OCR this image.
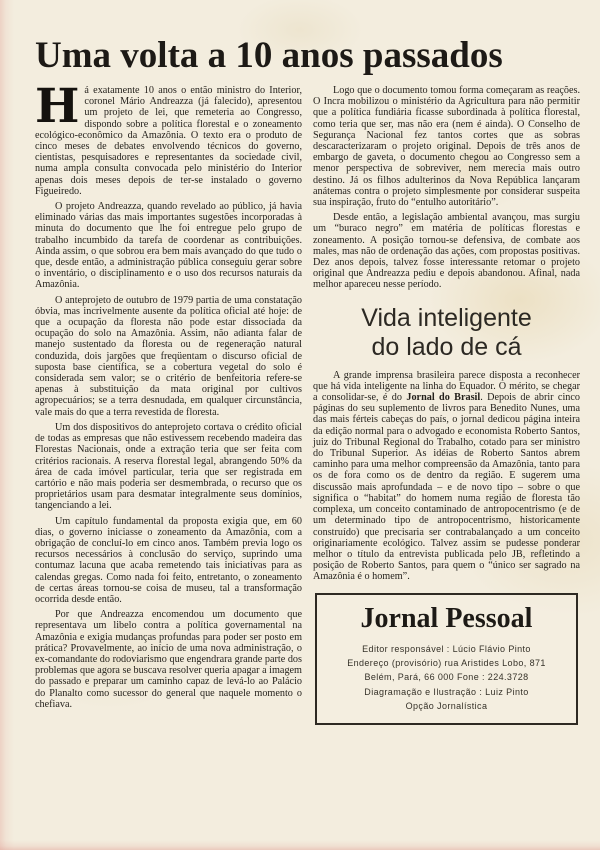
Uma volta a 10 anos passados

Há exatamente 10 anos o então ministro do Interior, coronel Mário Andreazza (já falecido), apresentou um projeto de lei, que remeteria ao Congresso, dispondo sobre a política florestal e o zoneamento ecológico-econômico da Amazônia. O texto era o produto de cinco meses de debates envolvendo técnicos do governo, cientistas, pesquisadores e representantes da sociedade civil, numa ampla consulta convocada pelo ministério do Interior apenas dois meses depois de ter-se instalado o governo Figueiredo.

O projeto Andreazza, quando revelado ao público, já havia eliminado várias das mais importantes sugestões incorporadas à minuta do documento que lhe foi entregue pelo grupo de trabalho incumbido da tarefa de coordenar as contribuições. Ainda assim, o que sobrou era bem mais avançado do que tudo o que, desde então, a administração pública conseguiu gerar sobre o inventário, o disciplinamento e o uso dos recursos naturais da Amazônia.

O anteprojeto de outubro de 1979 partia de uma constatação óbvia, mas incrivelmente ausente da política oficial até hoje: de que a ocupação da floresta não pode estar dissociada da ocupação do solo na Amazônia. Assim, não adianta falar de manejo sustentado da floresta ou de regeneração natural conduzida, dois jargões que freqüentam o discurso oficial de suposta base científica, se a cobertura vegetal do solo é considerada sem valor; se o critério de benfeitoria refere-se apenas à substituição da mata original por cultivos agropecuários; se a terra desnudada, em qualquer circunstância, vale mais do que a terra revestida de floresta.

Um dos dispositivos do anteprojeto cortava o crédito oficial de todas as empresas que não estivessem recebendo madeira das Florestas Nacionais, onde a extração teria que ser feita com critérios racionais. A reserva florestal legal, abrangendo 50% da área de cada imóvel particular, teria que ser registrada em cartório e não mais poderia ser desmembrada, o recurso que os proprietários usam para desmatar integralmente seus domínios, tangenciando a lei.

Um capítulo fundamental da proposta exigia que, em 60 dias, o governo iniciasse o zoneamento da Amazônia, com a obrigação de concluí-lo em cinco anos. Também previa logo os recursos necessários à conclusão do serviço, suprindo uma contumaz lacuna que acaba remetendo tais iniciativas para as calendas gregas. Como nada foi feito, entretanto, o zoneamento de certas áreas tornou-se coisa de museu, tal a transformação ocorrida desde então.

Por que Andreazza encomendou um documento que representava um libelo contra a política governamental na Amazônia e exigia mudanças profundas para poder ser posto em prática? Provavelmente, ao início de uma nova administração, o ex-comandante do rodoviarismo que engendrara grande parte dos problemas que agora se buscava resolver queria apagar a imagem do passado e preparar um caminho capaz de levá-lo ao Palácio do Planalto como sucessor do general que naquele momento o chefiava.

Logo que o documento tomou forma começaram as reações. O Incra mobilizou o ministério da Agricultura para não permitir que a política fundiária ficasse subordinada à política florestal, como teria que ser, mas não era (nem é ainda). O Conselho de Segurança Nacional fez tantos cortes que as sobras descaracterizaram o projeto original. Depois de três anos de embargo de gaveta, o documento chegou ao Congresso sem a menor perspectiva de sobreviver, nem merecia mais outro destino. Já os filhos adulterinos da Nova República lançaram anátemas contra o projeto simplesmente por considerar suspeita sua inspiração, fruto do “entulho autoritário”.

Desde então, a legislação ambiental avançou, mas surgiu um “buraco negro” em matéria de políticas florestas e zoneamento. A posição tornou-se defensiva, de combate aos males, mas não de ordenação das ações, com propostas positivas. Dez anos depois, talvez fosse interessante retomar o projeto original que Andreazza pediu e depois abandonou. Afinal, nada melhor apareceu nesse período.

Vida inteligente
do lado de cá

A grande imprensa brasileira parece disposta a reconhecer que há vida inteligente na linha do Equador. O mérito, se chegar a consolidar-se, é do Jornal do Brasil. Depois de abrir cinco páginas do seu suplemento de livros para Benedito Nunes, uma das mais férteis cabeças do país, o jornal dedicou página inteira da edição normal para o advogado e economista Roberto Santos, juiz do Tribunal Regional do Trabalho, cotado para ser ministro do Tribunal Superior. As idéias de Roberto Santos abrem caminho para uma melhor compreensão da Amazônia, tanto para os de fora como os de dentro da região. E sugerem uma discussão mais aprofundada – e de novo tipo – sobre o que significa o “habitat” do homem numa região de floresta tão complexa, um conceito contaminado de antropocentrismo (e de um determinado tipo de antropocentrismo, historicamente construído) que precisaria ser contrabalançado a um conceito originariamente ecológico. Talvez assim se pudesse ponderar melhor o título da entrevista publicada pelo JB, refletindo a posição de Roberto Santos, para quem o “único ser sagrado na Amazônia é o homem”.

Jornal Pessoal
Editor responsável : Lúcio Flávio Pinto
Endereço (provisório) rua Aristides Lobo, 871
Belém, Pará, 66 000 Fone : 224.3728
Diagramação e Ilustração : Luiz Pinto
Opção Jornalística
